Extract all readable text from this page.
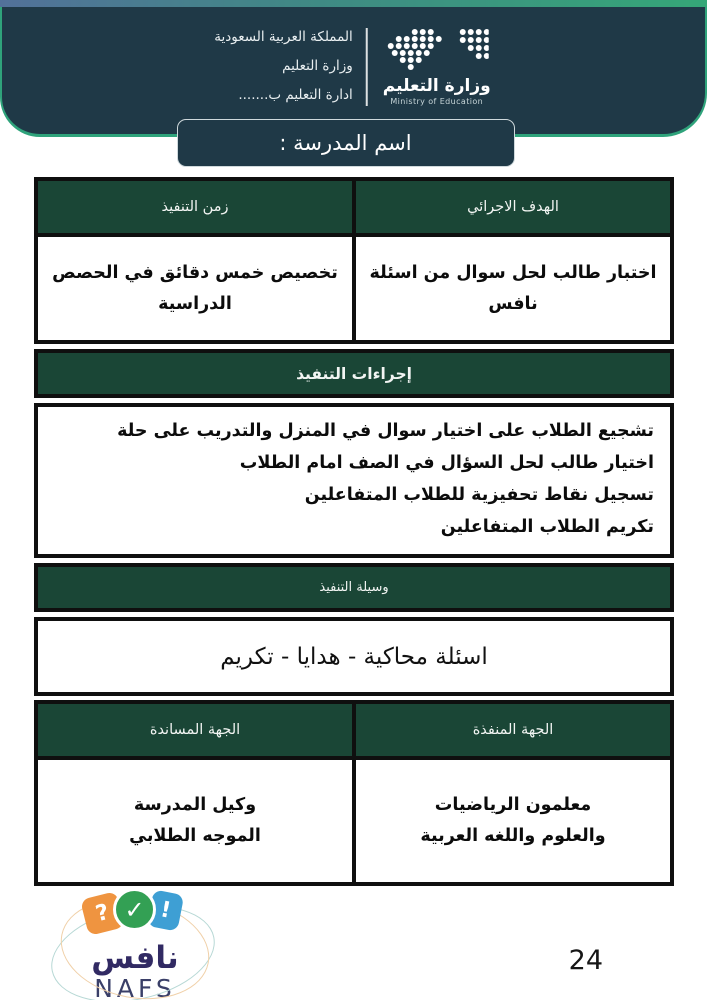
المملكة العربية السعودية
وزارة التعليم
ادارة التعليم ب....... وزارة التعليم
Ministry of Education
اسم المدرسة :
الهدف الاجرائي
زمن التنفيذ
اختبار طالب لحل سوال من اسئلة نافس
تخصيص خمس دقائق في الحصص الدراسية
إجراءات التنفيذ
تشجيع الطلاب على اختيار سوال في المنزل والتدريب على حلة
اختيار طالب لحل السؤال في الصف امام الطلاب
تسجيل نقاط تحفيزية للطلاب المتفاعلين
تكريم الطلاب المتفاعلين
وسيلة التنفيذ
اسئلة محاكية - هدايا - تكريم
الجهة المنفذة
الجهة المساندة
معلمون الرياضيات
والعلوم واللغه العربية
وكيل المدرسة
الموجه الطلابي
? !
✓
نافس
NAFS
24
